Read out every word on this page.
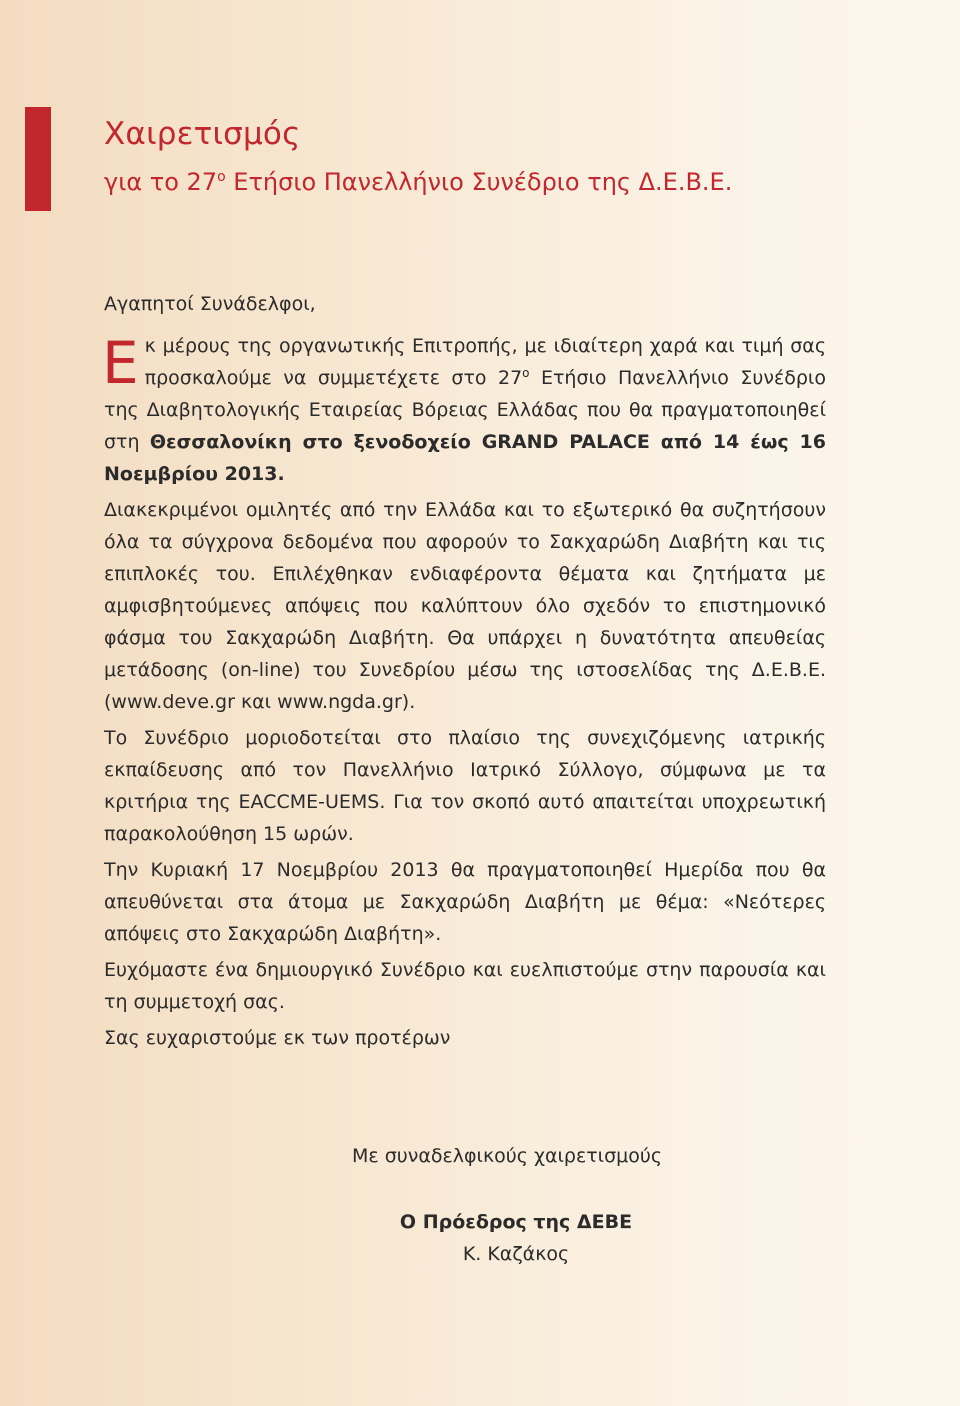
Χαιρετισμός
για το $27^o$ Ετήσιο Πανελλήνιο Συνέδριο της Δ.Ε.Β.Ε.

Αγαπητοί Συνάδελφοι,

Εκ μέρους της οργανωτικής Επιτροπής, με ιδιαίτερη χαρά και τιμή σας προσκαλούμε να συμμετέχετε στο $27^o$ Ετήσιο Πανελλήνιο Συνέδριο της Διαβητολογικής Εταιρείας Βόρειας Ελλάδας που θα πραγματοποιηθεί στη Θεσσαλονίκη στο ξενοδοχείο GRAND PALACE από 14 έως 16 Νοεμβρίου 2013.

Διακεκριμένοι ομιλητές από την Ελλάδα και το εξωτερικό θα συζητήσουν όλα τα σύγχρονα δεδομένα που αφορούν το Σακχαρώδη Διαβήτη και τις επιπλοκές του. Επιλέχθηκαν ενδιαφέροντα θέματα και ζητήματα με αμφισβητούμενες απόψεις που καλύπτουν όλο σχεδόν το επιστημονικό φάσμα του Σακχαρώδη Διαβήτη. Θα υπάρχει η δυνατότητα απευθείας μετάδοσης (on-line) του Συνεδρίου μέσω της ιστοσελίδας της Δ.Ε.Β.Ε. (www.deve.gr και www.ngda.gr).

Το Συνέδριο μοριοδοτείται στο πλαίσιο της συνεχιζόμενης ιατρικής εκπαίδευσης από τον Πανελλήνιο Ιατρικό Σύλλογο, σύμφωνα με τα κριτήρια της EACCME-UEMS. Για τον σκοπό αυτό απαιτείται υποχρεωτική παρακολούθηση 15 ωρών.

Την Κυριακή 17 Νοεμβρίου 2013 θα πραγματοποιηθεί Ημερίδα που θα απευθύνεται στα άτομα με Σακχαρώδη Διαβήτη με θέμα: «Νεότερες απόψεις στο Σακχαρώδη Διαβήτη».

Ευχόμαστε ένα δημιουργικό Συνέδριο και ευελπιστούμε στην παρουσία και τη συμμετοχή σας.

Σας ευχαριστούμε εκ των προτέρων

Με συναδελφικούς χαιρετισμούς
Ο Πρόεδρος της ΔΕΒΕ
Κ. Καζάκος
